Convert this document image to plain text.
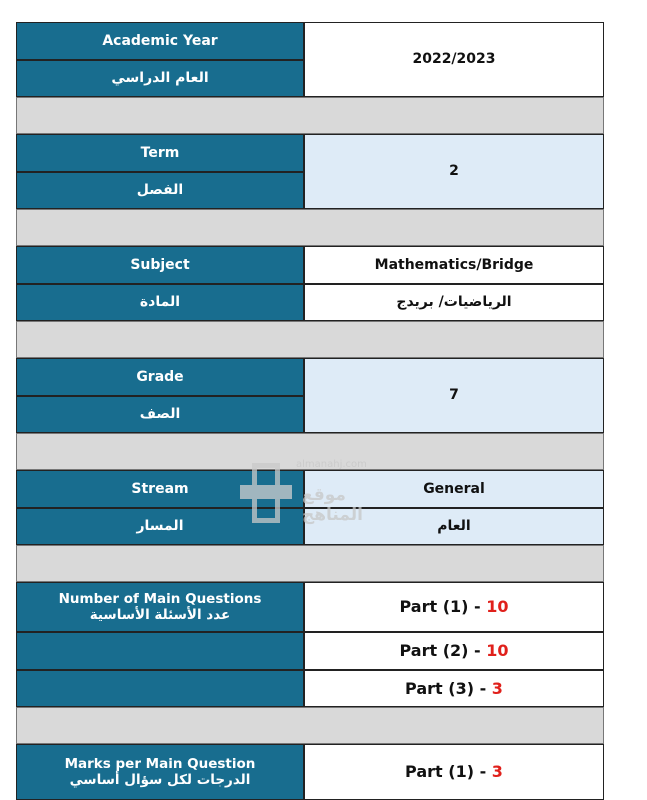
Academic Year
العام الدراسي
2022/2023
Term
الفصل
2
Subject
المادة
Mathematics/Bridge
الرياضيات/ بريدج
Grade
الصف
7
Stream
المسار
General
العام
Number of Main Questions
عدد الأسئلة الأساسية	Part (1) - 10
Part (2) - 10
Part (3) - 3
Marks per Main Question
الدرجات لكل سؤال أساسي	Part (1) - 3
almanahj.com
موقع المناهج
